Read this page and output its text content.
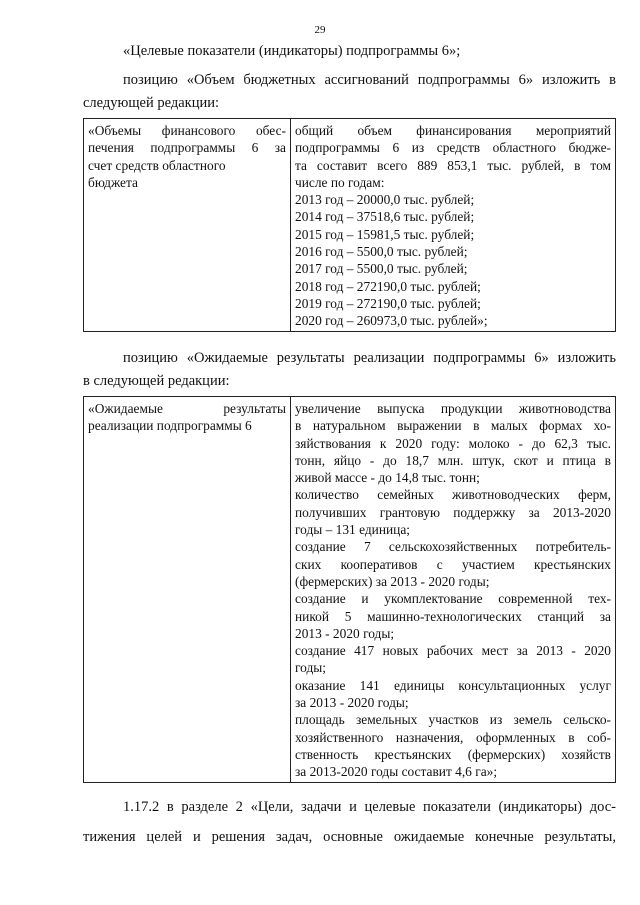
29
«Целевые показатели (индикаторы) подпрограммы 6»;
позицию «Объем бюджетных ассигнований подпрограммы 6» изложить в
следующей редакции:
«Объемы финансового обес-
печения подпрограммы 6 за
счет средств областного
бюджета

общий объем финансирования мероприятий
подпрограммы 6 из средств областного бюдже-
та составит всего 889 853,1 тыс. рублей, в том
числе по годам:
2013 год – 20000,0 тыс. рублей;
2014 год – 37518,6 тыс. рублей;
2015 год – 15981,5 тыс. рублей;
2016 год – 5500,0 тыс. рублей;
2017 год – 5500,0 тыс. рублей;
2018 год – 272190,0 тыс. рублей;
2019 год – 272190,0 тыс. рублей;
2020 год – 260973,0 тыс. рублей»;
позицию «Ожидаемые результаты реализации подпрограммы 6» изложить
в следующей редакции:
«Ожидаемые результаты
реализации подпрограммы 6

увеличение выпуска продукции животноводства
в натуральном выражении в малых формах хо-
зяйствования к 2020 году: молоко - до 62,3 тыс.
тонн, яйцо - до 18,7 млн. штук, скот и птица в
живой массе - до 14,8 тыс. тонн;
количество семейных животноводческих ферм,
получивших грантовую поддержку за 2013-2020
годы – 131 единица;
создание 7 сельскохозяйственных потребитель-
ских кооперативов с участием крестьянских
(фермерских) за 2013 - 2020 годы;
создание и укомплектование современной тех-
никой 5 машинно-технологических станций за
2013 - 2020 годы;
создание 417 новых рабочих мест за 2013 - 2020
годы;
оказание 141 единицы консультационных услуг
за 2013 - 2020 годы;
площадь земельных участков из земель сельско-
хозяйственного назначения, оформленных в соб-
ственность крестьянских (фермерских) хозяйств
за 2013-2020 годы составит 4,6 га»;
1.17.2 в разделе 2 «Цели, задачи и целевые показатели (индикаторы) дос-
тижения целей и решения задач, основные ожидаемые конечные результаты,
